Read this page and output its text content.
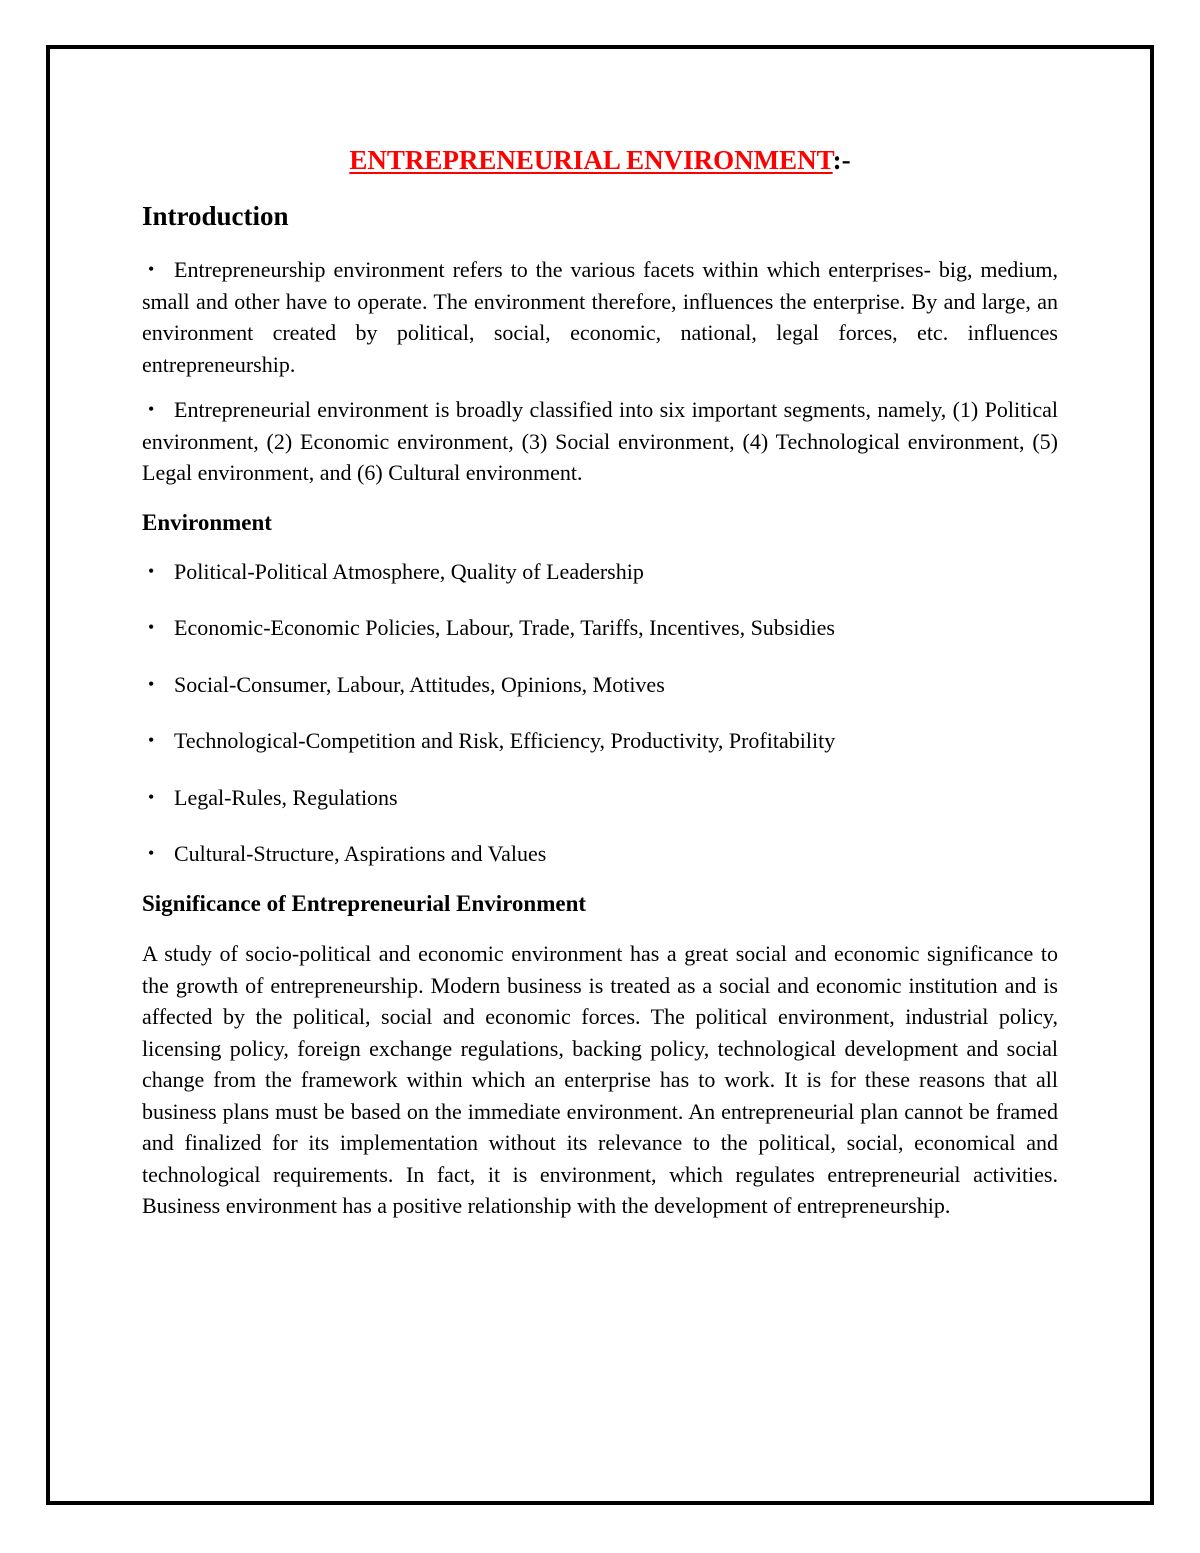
ENTREPRENEURIAL ENVIRONMENT:-
Introduction

• Entrepreneurship environment refers to the various facets within which enterprises- big, medium, small and other have to operate. The environment therefore, influences the enterprise. By and large, an environment created by political, social, economic, national, legal forces, etc. influences entrepreneurship.

• Entrepreneurial environment is broadly classified into six important segments, namely, (1) Political environment, (2) Economic environment, (3) Social environment, (4) Technological environment, (5) Legal environment, and (6) Cultural environment.

Environment
• Political-Political Atmosphere, Quality of Leadership
• Economic-Economic Policies, Labour, Trade, Tariffs, Incentives, Subsidies
• Social-Consumer, Labour, Attitudes, Opinions, Motives
• Technological-Competition and Risk, Efficiency, Productivity, Profitability
• Legal-Rules, Regulations
• Cultural-Structure, Aspirations and Values
Significance of Entrepreneurial Environment

A study of socio-political and economic environment has a great social and economic significance to the growth of entrepreneurship. Modern business is treated as a social and economic institution and is affected by the political, social and economic forces. The political environment, industrial policy, licensing policy, foreign exchange regulations, backing policy, technological development and social change from the framework within which an enterprise has to work. It is for these reasons that all business plans must be based on the immediate environment. An entrepreneurial plan cannot be framed and finalized for its implementation without its relevance to the political, social, economical and technological requirements. In fact, it is environment, which regulates entrepreneurial activities. Business environment has a positive relationship with the development of entrepreneurship.
